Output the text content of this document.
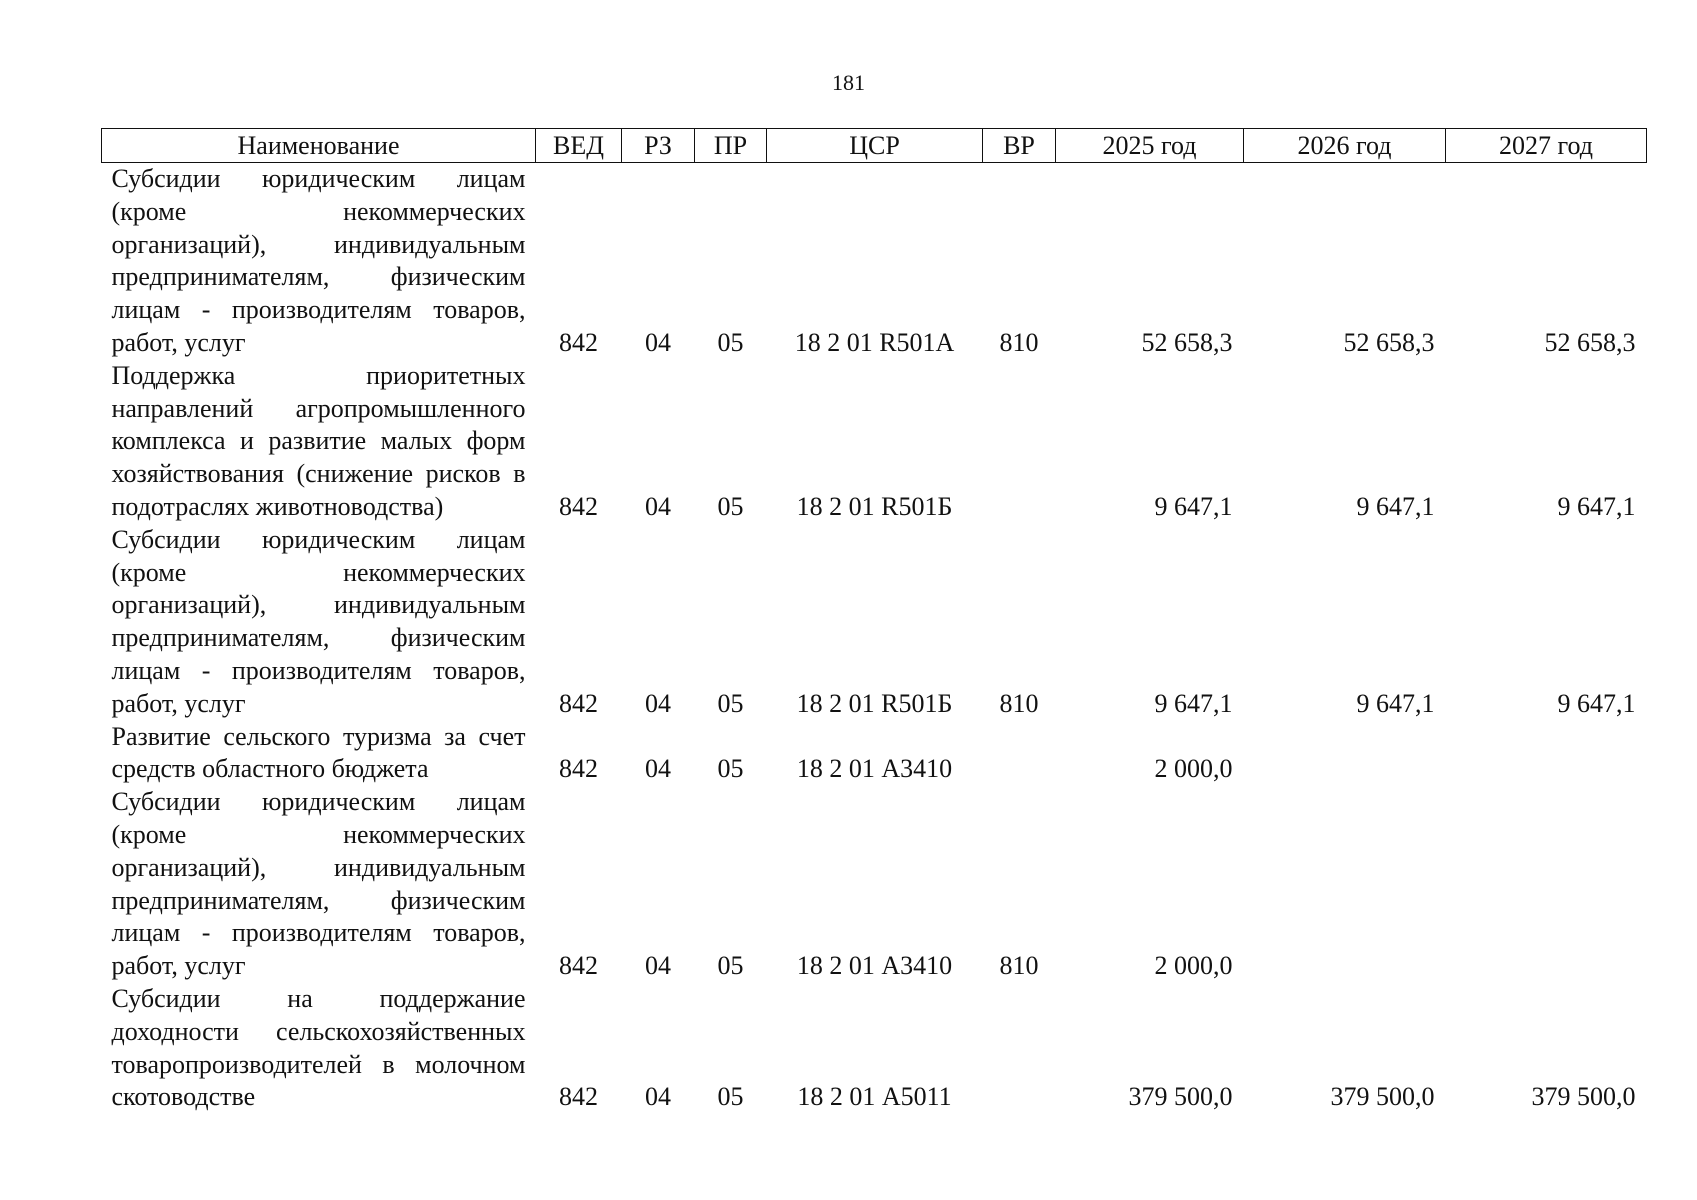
181
Наименование	ВЕД	РЗ	ПР	ЦСР	ВР	2025 год	2026 год	2027 год

Субсидии юридическим лицам (кроме некоммерческих организаций), индивидуальным предпринимателям, физическим лицам - производителям товаров, работ, услуг	842	04	05	18 2 01 R501А	810	52 658,3	52 658,3	52 658,3

Поддержка приоритетных направлений агропромышленного комплекса и развитие малых форм хозяйствования (снижение рисков в подотраслях животноводства)	842	04	05	18 2 01 R501Б		9 647,1	9 647,1	9 647,1

Субсидии юридическим лицам (кроме некоммерческих организаций), индивидуальным предпринимателям, физическим лицам - производителям товаров, работ, услуг	842	04	05	18 2 01 R501Б	810	9 647,1	9 647,1	9 647,1

Развитие сельского туризма за счет средств областного бюджета	842	04	05	18 2 01 А3410		2 000,0		

Субсидии юридическим лицам (кроме некоммерческих организаций), индивидуальным предпринимателям, физическим лицам - производителям товаров, работ, услуг	842	04	05	18 2 01 А3410	810	2 000,0		

Субсидии на поддержание доходности сельскохозяйственных товаропроизводителей в молочном скотоводстве	842	04	05	18 2 01 А5011		379 500,0	379 500,0	379 500,0
